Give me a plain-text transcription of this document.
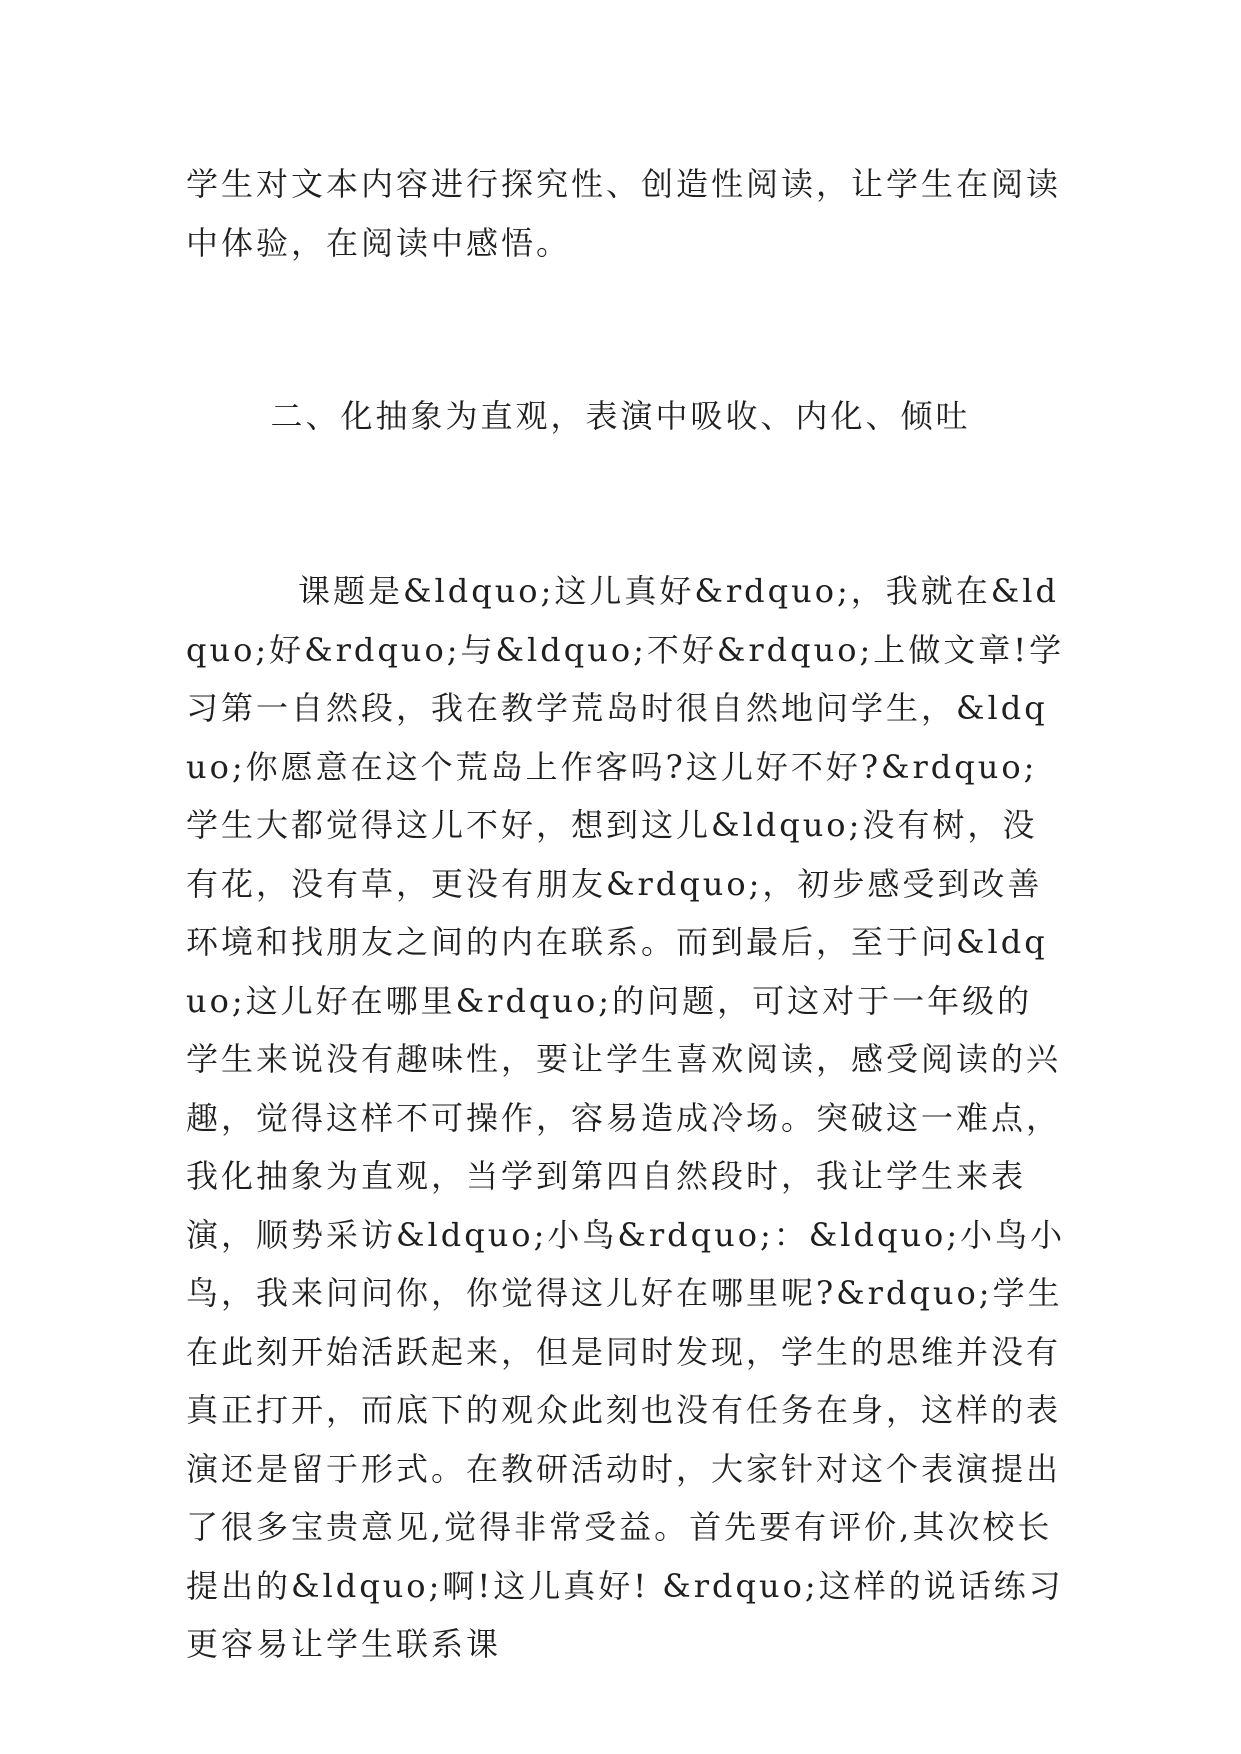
学生对文本内容进行探究性、创造性阅读，让学生在阅读中体验，在阅读中感悟。

二、化抽象为直观，表演中吸收、内化、倾吐

课题是&ldquo;这儿真好&rdquo;，我就在&ldquo;好&rdquo;与&ldquo;不好&rdquo;上做文章!学习第一自然段，我在教学荒岛时很自然地问学生，&ldquo;你愿意在这个荒岛上作客吗?这儿好不好?&rdquo;学生大都觉得这儿不好，想到这儿&ldquo;没有树，没有花，没有草，更没有朋友&rdquo;，初步感受到改善环境和找朋友之间的内在联系。而到最后，至于问&ldquo;这儿好在哪里&rdquo;的问题，可这对于一年级的学生来说没有趣味性，要让学生喜欢阅读，感受阅读的兴趣，觉得这样不可操作，容易造成冷场。突破这一难点，我化抽象为直观，当学到第四自然段时，我让学生来表演，顺势采访&ldquo;小鸟&rdquo;：&ldquo;小鸟小鸟，我来问问你，你觉得这儿好在哪里呢?&rdquo;学生在此刻开始活跃起来，但是同时发现，学生的思维并没有真正打开，而底下的观众此刻也没有任务在身，这样的表演还是留于形式。在教研活动时，大家针对这个表演提出了很多宝贵意见,觉得非常受益。首先要有评价,其次校长提出的&ldquo;啊!这儿真好! &rdquo;这样的说话练习更容易让学生联系课
